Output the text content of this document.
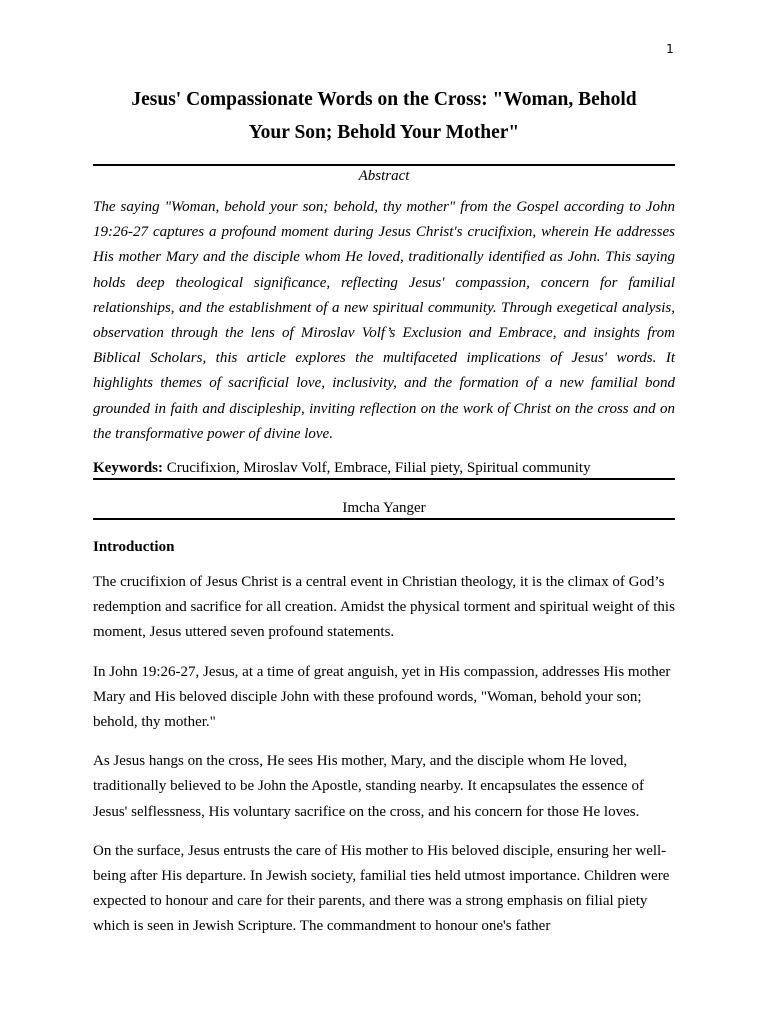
1
Jesus' Compassionate Words on the Cross: "Woman, Behold
Your Son; Behold Your Mother"
Abstract

The saying "Woman, behold your son; behold, thy mother" from the Gospel according to John 19:26-27 captures a profound moment during Jesus Christ's crucifixion, wherein He addresses His mother Mary and the disciple whom He loved, traditionally identified as John. This saying holds deep theological significance, reflecting Jesus' compassion, concern for familial relationships, and the establishment of a new spiritual community. Through exegetical analysis, observation through the lens of Miroslav Volf’s Exclusion and Embrace, and insights from Biblical Scholars, this article explores the multifaceted implications of Jesus' words. It highlights themes of sacrificial love, inclusivity, and the formation of a new familial bond grounded in faith and discipleship, inviting reflection on the work of Christ on the cross and on the transformative power of divine love.

Keywords: Crucifixion, Miroslav Volf, Embrace, Filial piety, Spiritual community

Imcha Yanger
Introduction

The crucifixion of Jesus Christ is a central event in Christian theology, it is the climax of God’s redemption and sacrifice for all creation. Amidst the physical torment and spiritual weight of this moment, Jesus uttered seven profound statements.

In John 19:26-27, Jesus, at a time of great anguish, yet in His compassion, addresses His mother Mary and His beloved disciple John with these profound words, "Woman, behold your son; behold, thy mother."

As Jesus hangs on the cross, He sees His mother, Mary, and the disciple whom He loved, traditionally believed to be John the Apostle, standing nearby. It encapsulates the essence of Jesus' selflessness, His voluntary sacrifice on the cross, and his concern for those He loves.

On the surface, Jesus entrusts the care of His mother to His beloved disciple, ensuring her well-being after His departure. In Jewish society, familial ties held utmost importance. Children were expected to honour and care for their parents, and there was a strong emphasis on filial piety which is seen in Jewish Scripture. The commandment to honour one's father
